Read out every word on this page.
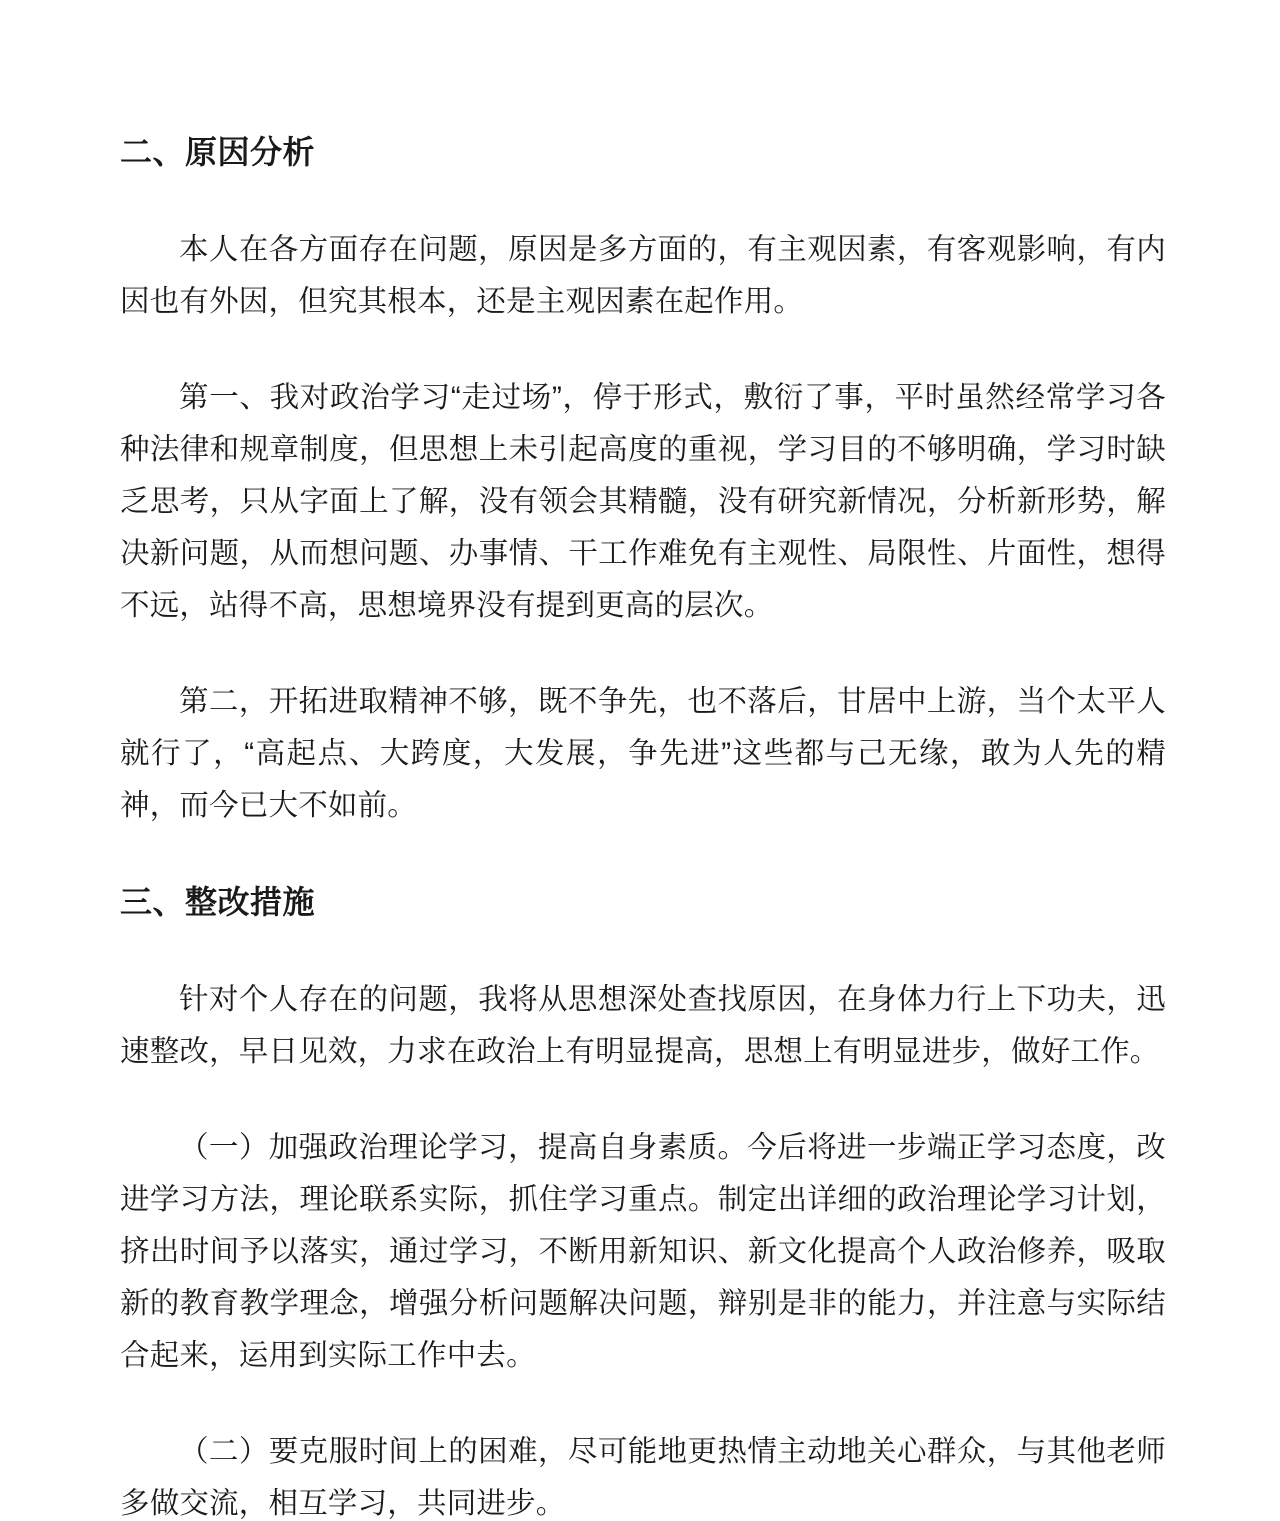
二、原因分析

本人在各方面存在问题，原因是多方面的，有主观因素，有客观影响，有内因也有外因，但究其根本，还是主观因素在起作用。

第一、我对政治学习“走过场”，停于形式，敷衍了事，平时虽然经常学习各种法律和规章制度，但思想上未引起高度的重视，学习目的不够明确，学习时缺乏思考，只从字面上了解，没有领会其精髓，没有研究新情况，分析新形势，解决新问题，从而想问题、办事情、干工作难免有主观性、局限性、片面性，想得不远，站得不高，思想境界没有提到更高的层次。

第二，开拓进取精神不够，既不争先，也不落后，甘居中上游，当个太平人就行了，“高起点、大跨度，大发展，争先进”这些都与己无缘，敢为人先的精神，而今已大不如前。

三、整改措施

针对个人存在的问题，我将从思想深处查找原因，在身体力行上下功夫，迅速整改，早日见效，力求在政治上有明显提高，思想上有明显进步，做好工作。

（一）加强政治理论学习，提高自身素质。今后将进一步端正学习态度，改进学习方法，理论联系实际，抓住学习重点。制定出详细的政治理论学习计划，挤出时间予以落实，通过学习，不断用新知识、新文化提高个人政治修养，吸取新的教育教学理念，增强分析问题解决问题，辩别是非的能力，并注意与实际结合起来，运用到实际工作中去。

（二）要克服时间上的困难，尽可能地更热情主动地关心群众，与其他老师多做交流，相互学习，共同进步。
